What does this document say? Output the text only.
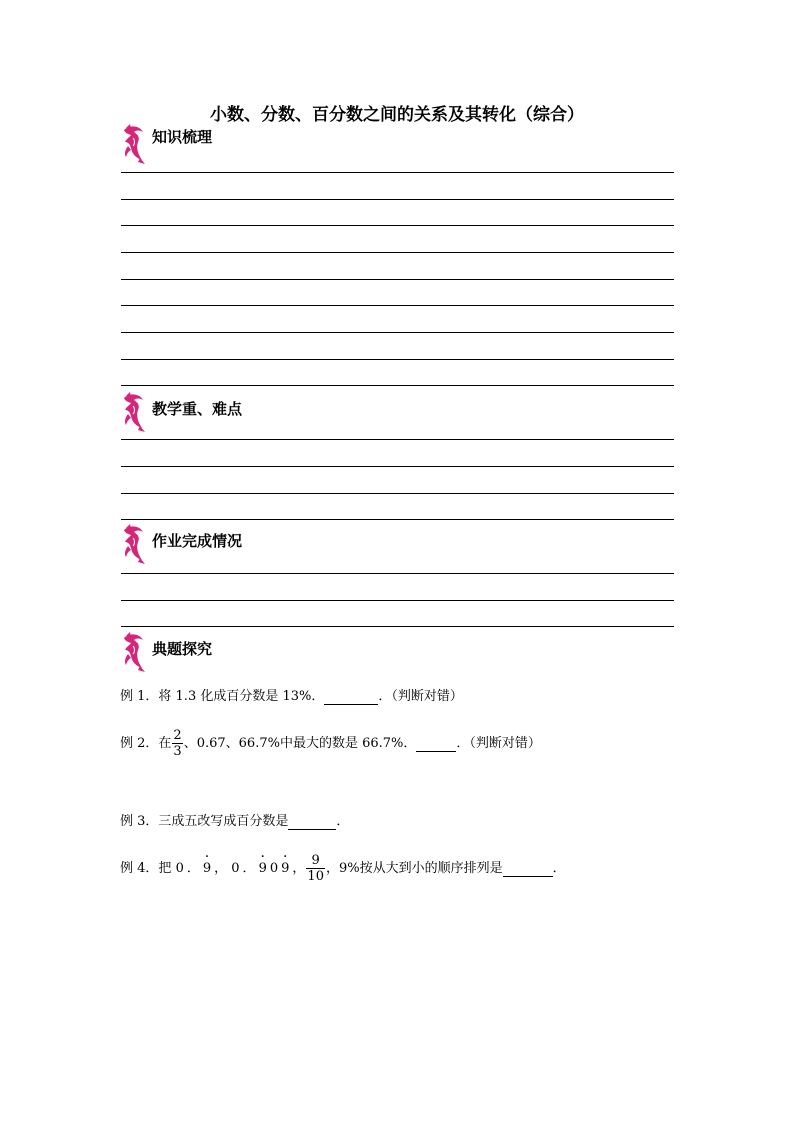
小数、分数、百分数之间的关系及其转化（综合）
知识梳理
教学重、难点
作业完成情况
典题探究
例 1．将 1.3 化成百分数是 13%．	．（判断对错）
例 2．在 $\frac{2}{3}$ 、0.67、66.7%中最大的数是 66.7%．	．（判断对错）
例 3．三成五改写成百分数是	．
例 4．把 0．
·
9， 0．
·
90
·
9， $\frac{9}{10}$ ，9%按从大到小的顺序排列是	．
